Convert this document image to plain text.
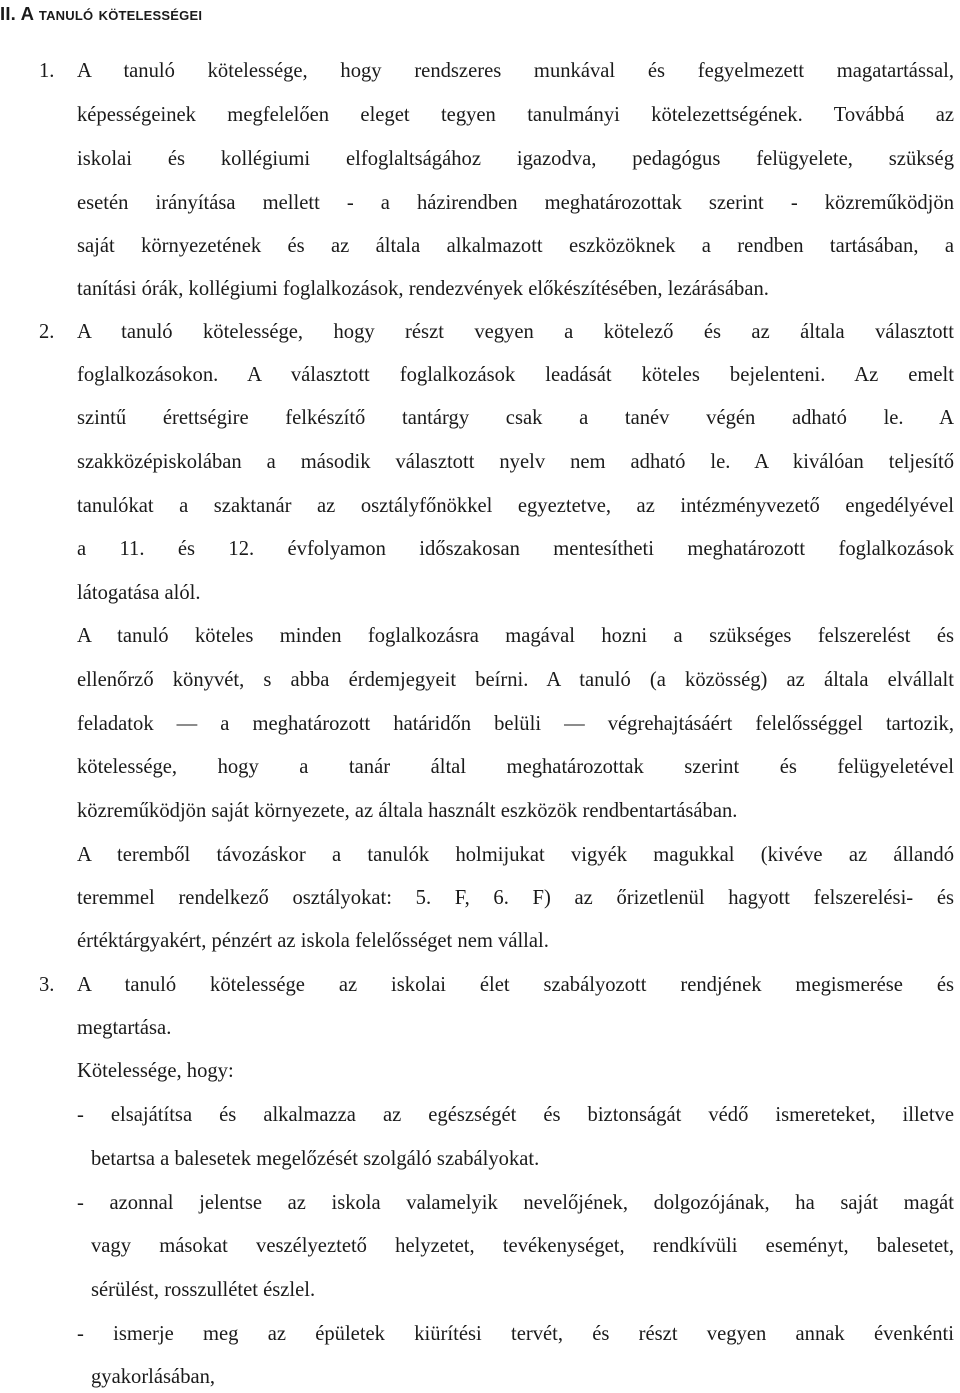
II. A tanuló kötelességei
1. A tanuló kötelessége, hogy rendszeres munkával és fegyelmezett magatartással,
képességeinek megfelelően eleget tegyen tanulmányi kötelezettségének. Továbbá az
iskolai és kollégiumi elfoglaltságához igazodva, pedagógus felügyelete, szükség
esetén irányítása mellett - a házirendben meghatározottak szerint - közreműködjön
saját környezetének és az általa alkalmazott eszközöknek a rendben tartásában, a
tanítási órák, kollégiumi foglalkozások, rendezvények előkészítésében, lezárásában.
2. A tanuló kötelessége, hogy részt vegyen a kötelező és az általa választott
foglalkozásokon. A választott foglalkozások leadását köteles bejelenteni. Az emelt
szintű érettségire felkészítő tantárgy csak a tanév végén adható le. A
szakközépiskolában a második választott nyelv nem adható le. A kiválóan teljesítő
tanulókat a szaktanár az osztályfőnökkel egyeztetve, az intézményvezető engedélyével
a 11. és 12. évfolyamon időszakosan mentesítheti meghatározott foglalkozások
látogatása alól.
A tanuló köteles minden foglalkozásra magával hozni a szükséges felszerelést és
ellenőrző könyvét, s abba érdemjegyeit beírni. A tanuló (a közösség) az általa elvállalt
feladatok — a meghatározott határidőn belüli — végrehajtásáért felelősséggel tartozik,
kötelessége, hogy a tanár által meghatározottak szerint és felügyeletével
közreműködjön saját környezete, az általa használt eszközök rendbentartásában.
A teremből távozáskor a tanulók holmijukat vigyék magukkal (kivéve az állandó
teremmel rendelkező osztályokat: 5. F, 6. F) az őrizetlenül hagyott felszerelési- és
értéktárgyakért, pénzért az iskola felelősséget nem vállal.
3. A tanuló kötelessége az iskolai élet szabályozott rendjének megismerése és
megtartása.
Kötelessége, hogy:
- elsajátítsa és alkalmazza az egészségét és biztonságát védő ismereteket, illetve
betartsa a balesetek megelőzését szolgáló szabályokat.
- azonnal jelentse az iskola valamelyik nevelőjének, dolgozójának, ha saját magát
vagy másokat veszélyeztető helyzetet, tevékenységet, rendkívüli eseményt, balesetet,
sérülést, rosszullétet észlel.
- ismerje meg az épületek kiürítési tervét, és részt vegyen annak évenkénti
gyakorlásában,
